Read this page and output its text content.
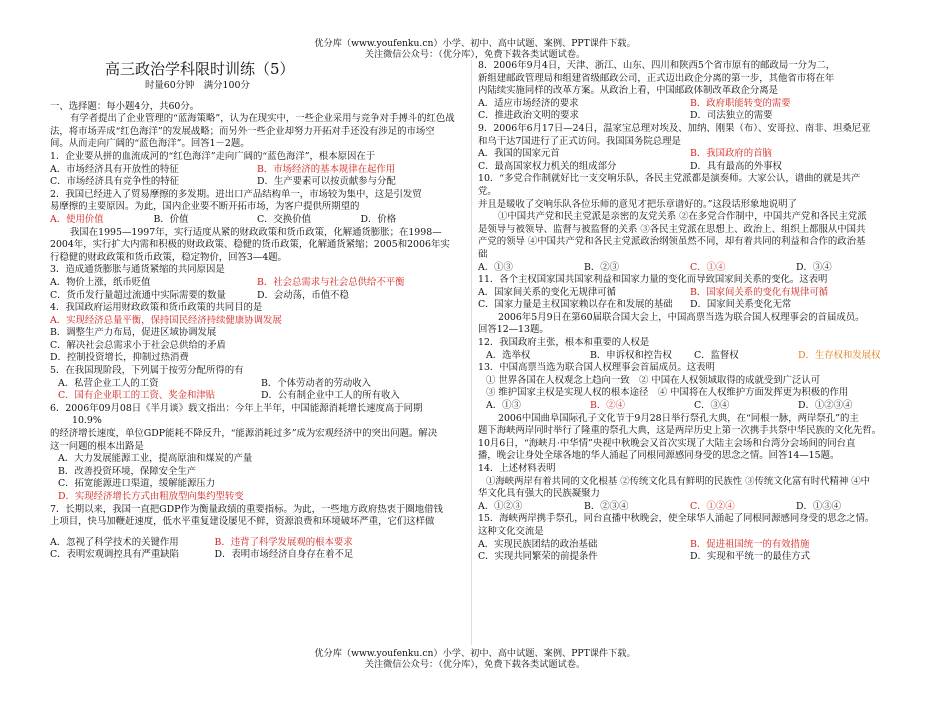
优分库（www.youfenku.cn）小学、初中、高中试题、案例、PPT课件下载。
关注微信公众号：（优分库），免费下载各类试题试卷。
高三政治学科限时训练（5）
时量60分钟　满分100分
一、选择题：每小题4分，共60分。
有学者提出了企业管理的“蓝海策略”，认为在现实中，一些企业采用与竞争对手搏斗的红色战
法，将市场弄成“红色海洋”的发展战略；而另外一些企业却努力开拓对手还没有涉足的市场空
间。从而走向广阔的“蓝色海洋”。回答1－2题。
1．企业要从拼的血流成河的“红色海洋”走向广阔的“蓝色海洋”，根本原因在于
A．市场经济具有开放性的特征	B．市场经济的基本规律在起作用
C．市场经济具有竞争性的特征	D．生产要素可以按贡献参与分配
2．我国已经进入了贸易摩擦的多发期。进出口产品结构单一，市场较为集中，这是引发贸
易摩擦的主要原因。为此，国内企业要不断开拓市场，为客户提供所期望的
A．使用价值	B．价值	C．交换价值	D．价格
我国在1995—1997年，实行适度从紧的财政政策和货币政策，化解通货膨胀；在1998—
2004年，实行扩大内需和积极的财政政策、稳健的货币政策，化解通货紧缩；2005和2006年实
行稳健的财政政策和货币政策，稳定物价，回答3—4题。
3．造成通货膨胀与通货紧缩的共同原因是
A．物价上涨，纸币贬值	B．社会总需求与社会总供给不平衡
C．货币发行量超过流通中实际需要的数量	D．会动荡，币值不稳
4．我国政府运用财政政策和货币政策的共同目的是
A．实现经济总量平衡，保持国民经济持续健康协调发展
B．调整生产力布局，促进区域协调发展
C．解决社会总需求小于社会总供给的矛盾
D．控制投资增长，抑制过热消费
5．在我国现阶段，下列属于按劳分配所得的有
A．私营企业工人的工资	B．个体劳动者的劳动收入
C．国有企业职工的工资、奖金和津贴	D．公有制企业中工人的所有收入
6．2006年09月08日《半月谈》载文指出：今年上半年，中国能源消耗增长速度高于同期
10.9%
的经济增长速度，单位GDP能耗不降反升，“能源消耗过多”成为宏观经济中的突出问题。解决
这一问题的根本出路是
A．大力发展能源工业，提高原油和煤炭的产量
B．改善投资环境，保障安全生产
C．拓宽能源进口渠道，缓解能源压力
D．实现经济增长方式由粗放型向集约型转变
7．长期以来，我国一直把GDP作为衡量政绩的重要指标。为此，一些地方政府热衷于圈地借钱
上项目，快马加鞭赶速度，低水平重复建设屡见不鲜，资源浪费和环境破坏严重，它们这样做
A．忽视了科学技术的关键作用	B．违背了科学发展观的根本要求
C．表明宏观调控具有严重缺陷	D．表明市场经济自身存在着不足
8．2006年9月4日，天津、浙江、山东、四川和陕西5个省市原有的邮政局一分为二，
新组建邮政管理局和组建省级邮政公司，正式迈出政企分离的第一步，其他省市将在年
内陆续实施同样的改革方案。从政治上看，中国邮政体制改革政企分离是
A．适应市场经济的要求	B．政府职能转变的需要
C．推进政治文明的要求	D．司法独立的需要
9．2006年6月17日—24日，温家宝总理对埃及、加纳、刚果（布）、安哥拉、南非、坦桑尼亚
和乌干达7国进行了正式访问。我国国务院总理是
A．我国的国家元首	B．我国政府的首脑
C．最高国家权力机关的组成部分	D．具有最高的外事权
10．“多党合作制就好比一支交响乐队，各民主党派都是演奏师。大家公认，谱曲的就是共产
党。
并且是暖收了交响乐队各位乐师的意见才把乐章谱好的。”这段话形象地说明了
①中国共产党和民主党派是亲密的友党关系 ②在多党合作制中，中国共产党和各民主党派
是领导与被领导、监督与被监督的关系 ③各民主党派在思想上、政治上、组织上都服从中国共
产党的领导 ④中国共产党和各民主党派政治纲领虽然不同，却有着共同的利益和合作的政治基
础
A．①③	B．②③	C．①④	D．③④
11．各个主权国家国共国家利益和国家力量的变化而导致国家间关系的变化。这表明
A．国家间关系的变化无规律可循	B．国家间关系的变化有规律可循
C．国家力量是主权国家赖以存在和发展的基础	D．国家间关系变化无常
2006年5月9日在第60届联合国大会上，中国高票当选为联合国人权理事会的首届成员。
回答12—13题。
12．我国政府主张，根本和重要的人权是
A．选举权	B．申诉权和控告权	C．监督权	D．生存权和发展权
13．中国高票当选为联合国人权理事会首届成员。这表明
① 世界各国在人权观念上趋向一致　② 中国在人权领域取得的成就受到广泛认可
③ 维护国家主权是实现人权的根本途径　④ 中国将在人权维护方面发挥更为积极的作用
A．①③	B．②④	C．③④	D．①②③④
2006中国曲阜国际孔子文化节于9月28日举行祭孔大典，在“同根一脉，两岸祭孔”的主
题下海峡两岸同时举行了隆重的祭孔大典，这是两岸历史上第一次携手共祭中华民族的文化先哲。
10月6日，“海峡月·中华情”央视中秋晚会又首次实现了大陆主会场和台湾分会场间的同台直
播，晚会让身处全球各地的华人涌起了同根同源感同身受的思念之情。回答14—15题。
14．上述材料表明
①海峡两岸有着共同的文化根基 ②传统文化具有鲜明的民族性 ③传统文化富有时代精神 ④中
华文化具有强大的民族凝聚力
A．①②③	B．②③④	C．①②④	D．①③④
15．海峡两岸携手祭孔，同台直播中秋晚会，使全球华人涌起了同根同源感同身受的思念之情。
这种文化交流是
A．实现民族团结的政治基础	B．促进祖国统一的有效措施
C．实现共同繁荣的前提条件	D．实现和平统一的最佳方式
优分库（www.youfenku.cn）小学、初中、高中试题、案例、PPT课件下载。
关注微信公众号：（优分库），免费下载各类试题试卷。
